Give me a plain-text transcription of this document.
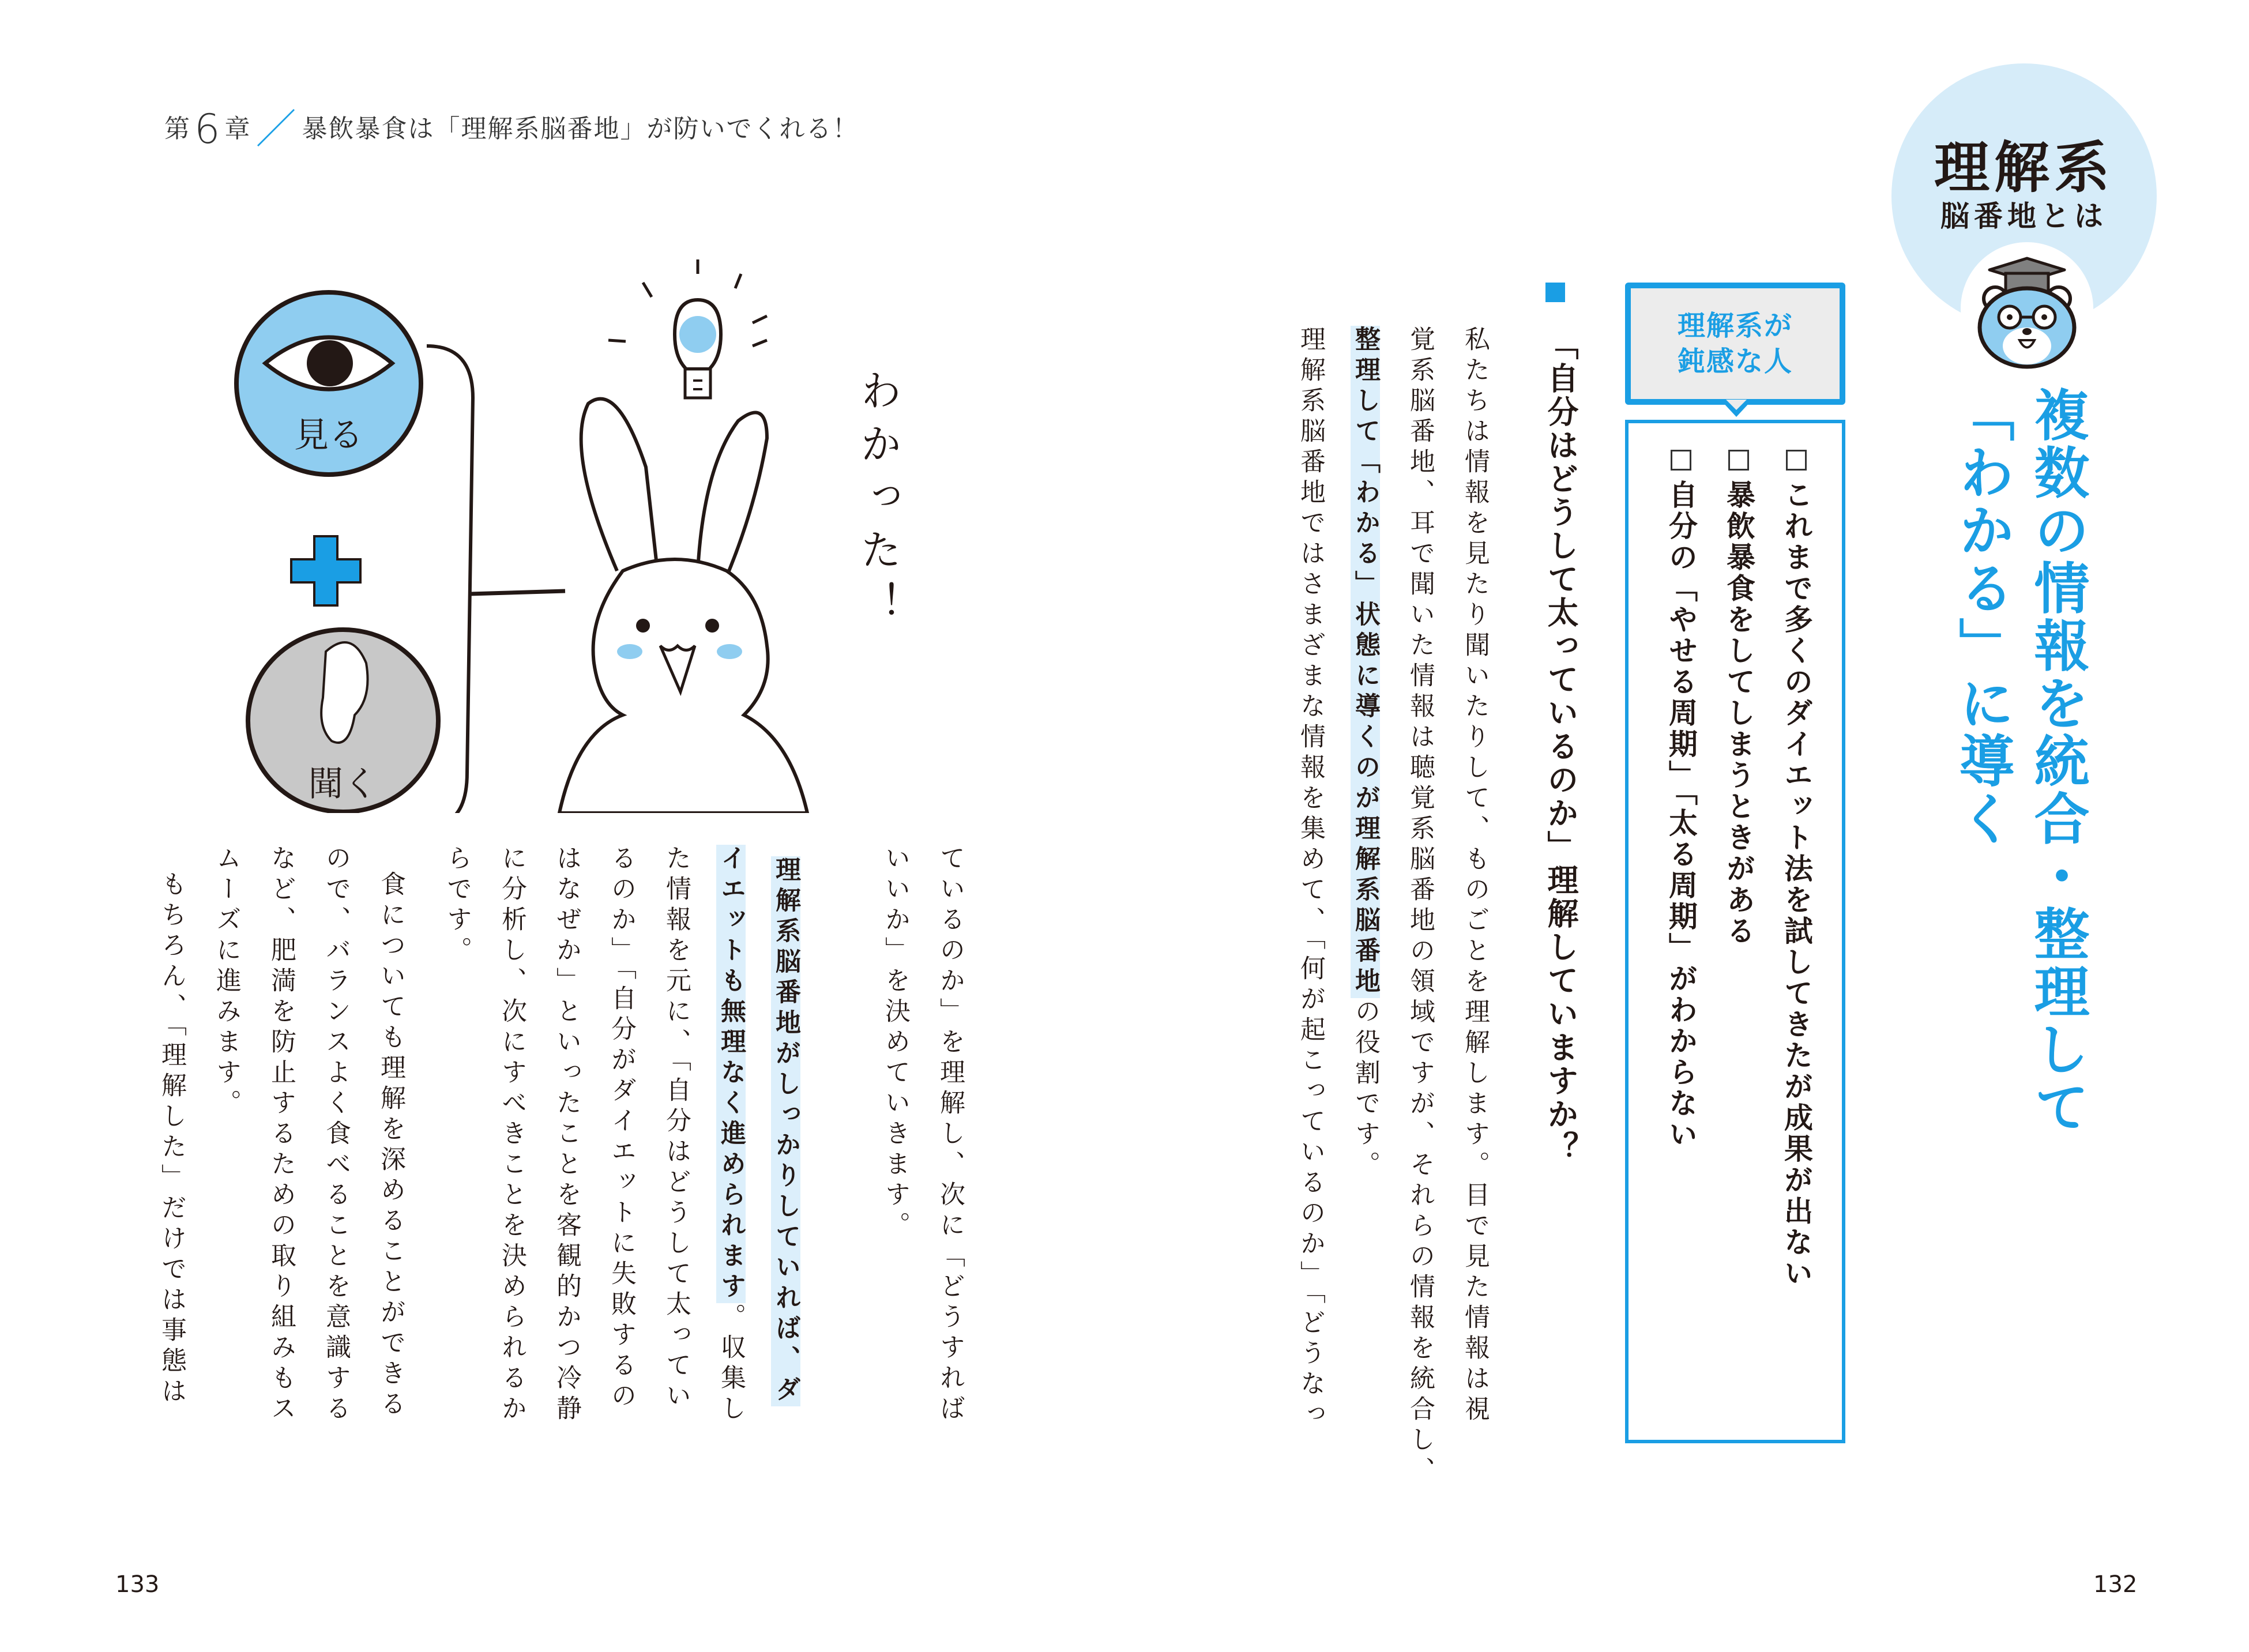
第6 章 ／ 暴飲暴食は「理解系脳番地」が防いでくれる！
理解系
脳番地とは
複数の情報を統合・整理して
「わかる」に導く
理解系が
鈍感な人
これまで多くのダイエット法を試してきたが成果が出ない
暴飲暴食をしてしまうときがある
自分の「やせる周期」「太る周期」がわからない
「自分はどうして太っているのか」理解していますか？
私たちは情報を見たり聞いたりして、ものごとを理解します。目で見た情報は視
覚系脳番地、耳で聞いた情報は聴覚系脳番地の領域ですが、それらの情報を統合し、
整理して「わかる」状態に導くのが理解系脳番地の役割です。
理解系脳番地ではさまざまな情報を集めて、「何が起こっているのか」「どうなっ
ているのか」を理解し、次に「どうすれば
いいか」を決めていきます。
理解系脳番地がしっかりしていれば、ダ
イエットも無理なく進められます。収集し
た情報を元に、「自分はどうして太ってい
るのか」「自分がダイエットに失敗するの
はなぜか」といったことを客観的かつ冷静
に分析し、次にすべきことを決められるか
らです。
食についても理解を深めることができる
ので、バランスよく食べることを意識する
など、肥満を防止するための取り組みもス
ムーズに進みます。
もちろん、「理解した」だけでは事態は
見る
聞く
わかった！
133	132
